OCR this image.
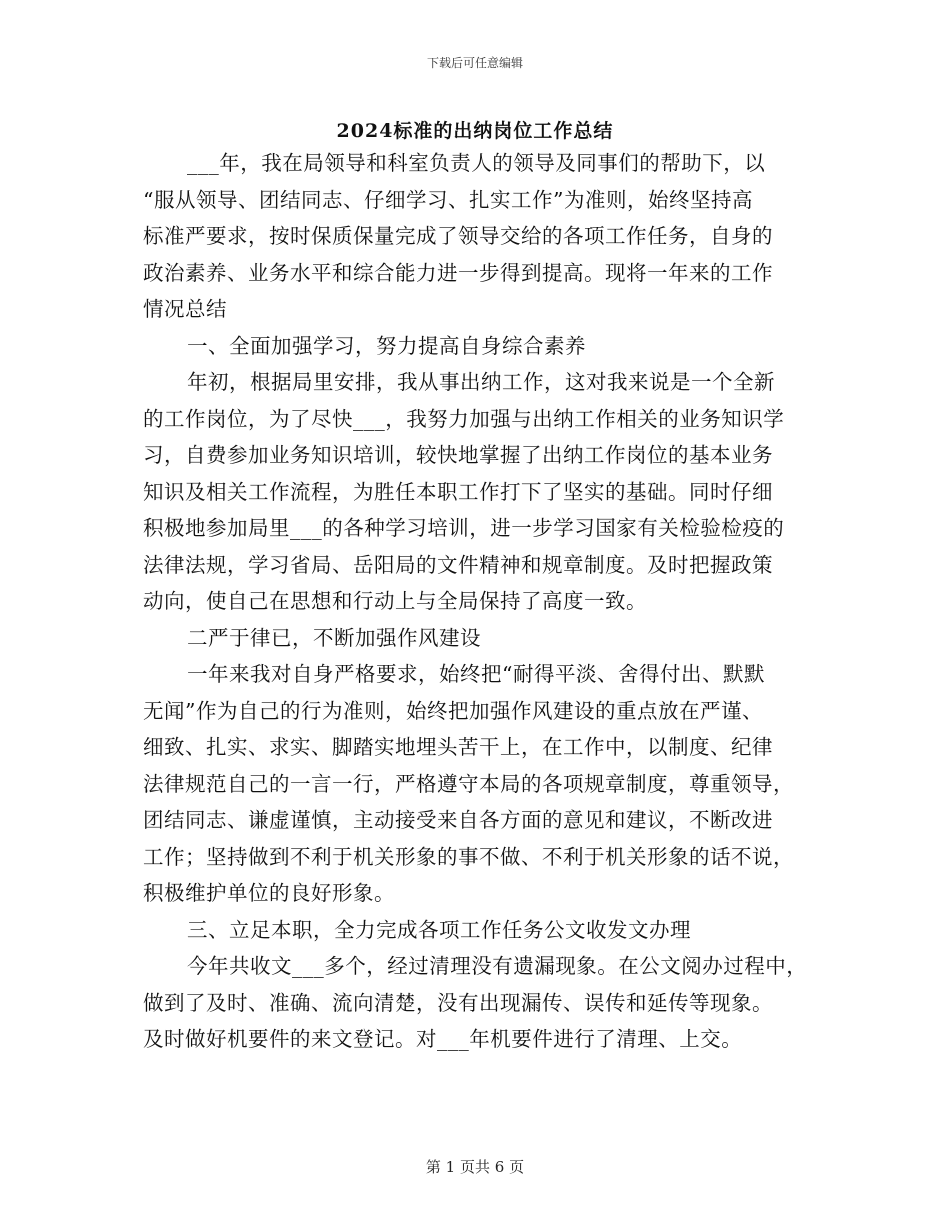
下载后可任意编辑
2024标准的出纳岗位工作总结
___年，我在局领导和科室负责人的领导及同事们的帮助下，以
“服从领导、团结同志、仔细学习、扎实工作”为准则，始终坚持高
标准严要求，按时保质保量完成了领导交给的各项工作任务，自身的
政治素养、业务水平和综合能力进一步得到提高。现将一年来的工作
情况总结
一、全面加强学习，努力提高自身综合素养
年初，根据局里安排，我从事出纳工作，这对我来说是一个全新
的工作岗位，为了尽快___，我努力加强与出纳工作相关的业务知识学
习，自费参加业务知识培训，较快地掌握了出纳工作岗位的基本业务
知识及相关工作流程，为胜任本职工作打下了坚实的基础。同时仔细
积极地参加局里___的各种学习培训，进一步学习国家有关检验检疫的
法律法规，学习省局、岳阳局的文件精神和规章制度。及时把握政策
动向，使自己在思想和行动上与全局保持了高度一致。
二严于律已，不断加强作风建设
一年来我对自身严格要求，始终把“耐得平淡、舍得付出、默默
无闻”作为自己的行为准则，始终把加强作风建设的重点放在严谨、
细致、扎实、求实、脚踏实地埋头苦干上，在工作中，以制度、纪律
法律规范自己的一言一行，严格遵守本局的各项规章制度，尊重领导，
团结同志、谦虚谨慎，主动接受来自各方面的意见和建议，不断改进
工作；坚持做到不利于机关形象的事不做、不利于机关形象的话不说，
积极维护单位的良好形象。
三、立足本职，全力完成各项工作任务公文收发文办理
今年共收文___多个，经过清理没有遗漏现象。在公文阅办过程中，
做到了及时、准确、流向清楚，没有出现漏传、误传和延传等现象。
及时做好机要件的来文登记。对___年机要件进行了清理、上交。
第 1 页共 6 页
